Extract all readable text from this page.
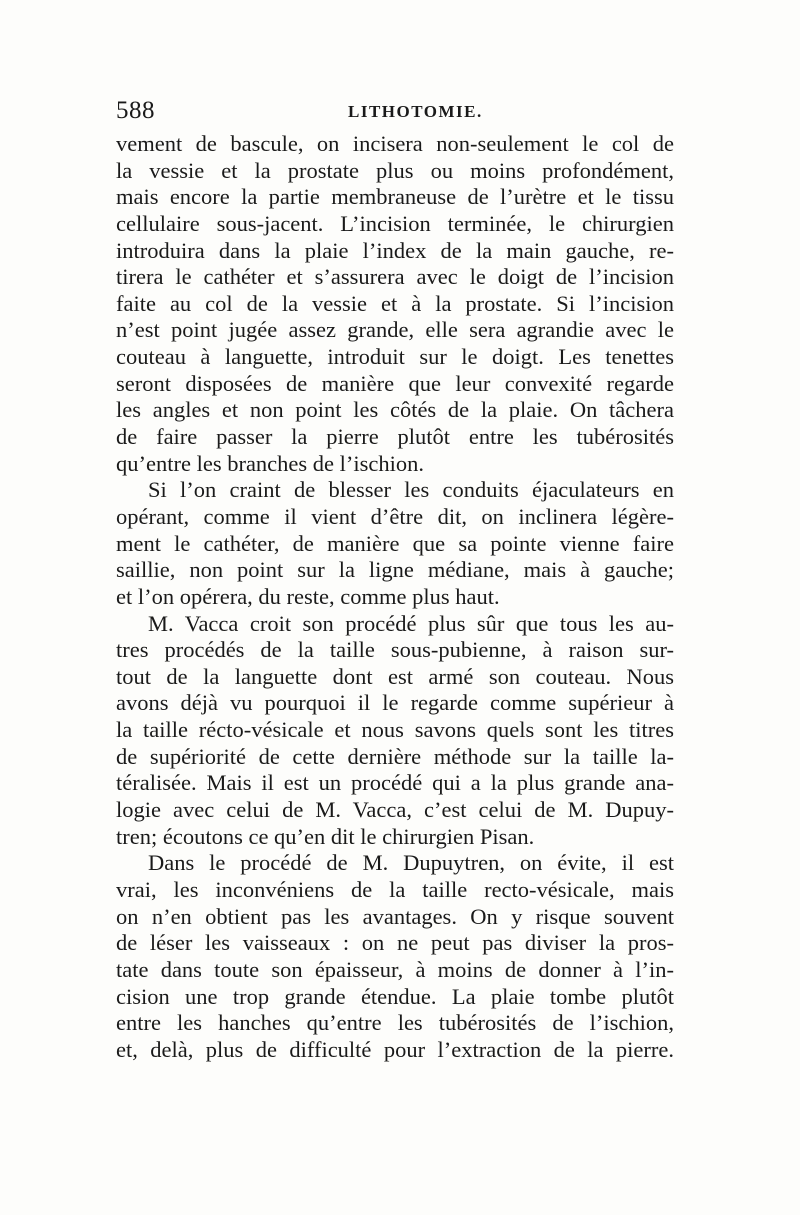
588	LITHOTOMIE.
vement de bascule, on incisera non-seulement le col de
la vessie et la prostate plus ou moins profondément,
mais encore la partie membraneuse de l’urètre et le tissu
cellulaire sous-jacent. L’incision terminée, le chirurgien
introduira dans la plaie l’index de la main gauche, re-
tirera le cathéter et s’assurera avec le doigt de l’incision
faite au col de la vessie et à la prostate. Si l’incision
n’est point jugée assez grande, elle sera agrandie avec le
couteau à languette, introduit sur le doigt. Les tenettes
seront disposées de manière que leur convexité regarde
les angles et non point les côtés de la plaie. On tâchera
de faire passer la pierre plutôt entre les tubérosités
qu’entre les branches de l’ischion.
Si l’on craint de blesser les conduits éjaculateurs en
opérant, comme il vient d’être dit, on inclinera légère-
ment le cathéter, de manière que sa pointe vienne faire
saillie, non point sur la ligne médiane, mais à gauche;
et l’on opérera, du reste, comme plus haut.
M. Vacca croit son procédé plus sûr que tous les au-
tres procédés de la taille sous-pubienne, à raison sur-
tout de la languette dont est armé son couteau. Nous
avons déjà vu pourquoi il le regarde comme supérieur à
la taille récto-vésicale et nous savons quels sont les titres
de supériorité de cette dernière méthode sur la taille la-
téralisée. Mais il est un procédé qui a la plus grande ana-
logie avec celui de M. Vacca, c’est celui de M. Dupuy-
tren; écoutons ce qu’en dit le chirurgien Pisan.
Dans le procédé de M. Dupuytren, on évite, il est
vrai, les inconvéniens de la taille recto-vésicale, mais
on n’en obtient pas les avantages. On y risque souvent
de léser les vaisseaux : on ne peut pas diviser la pros-
tate dans toute son épaisseur, à moins de donner à l’in-
cision une trop grande étendue. La plaie tombe plutôt
entre les hanches qu’entre les tubérosités de l’ischion,
et, delà, plus de difficulté pour l’extraction de la pierre.
